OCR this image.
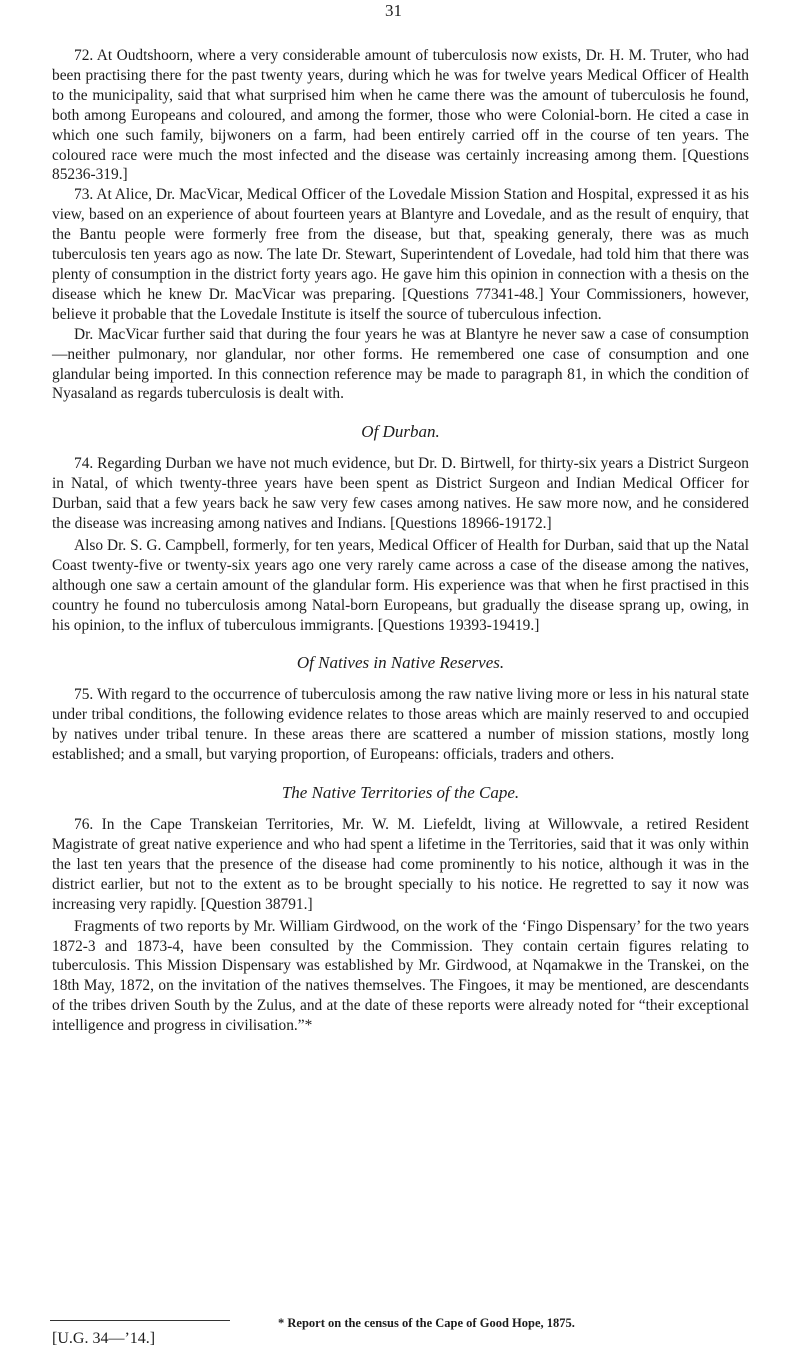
31

72. At Oudtshoorn, where a very considerable amount of tuberculosis now exists, Dr. H. M. Truter, who had been practising there for the past twenty years, during which he was for twelve years Medical Officer of Health to the municipality, said that what surprised him when he came there was the amount of tuberculosis he found, both among Europeans and coloured, and among the former, those who were Colonial-born. He cited a case in which one such family, bijwoners on a farm, had been entirely carried off in the course of ten years. The coloured race were much the most infected and the disease was certainly increasing among them. [Questions 85236-319.]

73. At Alice, Dr. MacVicar, Medical Officer of the Lovedale Mission Station and Hospital, expressed it as his view, based on an experience of about fourteen years at Blantyre and Lovedale, and as the result of enquiry, that the Bantu people were formerly free from the disease, but that, speaking generaly, there was as much tuberculosis ten years ago as now. The late Dr. Stewart, Superintendent of Lovedale, had told him that there was plenty of consumption in the district forty years ago. He gave him this opinion in connection with a thesis on the disease which he knew Dr. MacVicar was preparing. [Questions 77341-48.] Your Commissioners, however, believe it probable that the Lovedale Institute is itself the source of tuberculous infection.

Dr. MacVicar further said that during the four years he was at Blantyre he never saw a case of consumption—neither pulmonary, nor glandular, nor other forms. He remembered one case of consumption and one glandular being imported. In this connection reference may be made to paragraph 81, in which the condition of Nyasaland as regards tuberculosis is dealt with.

Of Durban.

74. Regarding Durban we have not much evidence, but Dr. D. Birtwell, for thirty-six years a District Surgeon in Natal, of which twenty-three years have been spent as District Surgeon and Indian Medical Officer for Durban, said that a few years back he saw very few cases among natives. He saw more now, and he considered the disease was increasing among natives and Indians. [Questions 18966-19172.]

Also Dr. S. G. Campbell, formerly, for ten years, Medical Officer of Health for Durban, said that up the Natal Coast twenty-five or twenty-six years ago one very rarely came across a case of the disease among the natives, although one saw a certain amount of the glandular form. His experience was that when he first practised in this country he found no tuberculosis among Natal-born Europeans, but gradually the disease sprang up, owing, in his opinion, to the influx of tuberculous immigrants. [Questions 19393-19419.]

Of Natives in Native Reserves.

75. With regard to the occurrence of tuberculosis among the raw native living more or less in his natural state under tribal conditions, the following evidence relates to those areas which are mainly reserved to and occupied by natives under tribal tenure. In these areas there are scattered a number of mission stations, mostly long established; and a small, but varying proportion, of Europeans: officials, traders and others.

The Native Territories of the Cape.

76. In the Cape Transkeian Territories, Mr. W. M. Liefeldt, living at Willowvale, a retired Resident Magistrate of great native experience and who had spent a lifetime in the Territories, said that it was only within the last ten years that the presence of the disease had come prominently to his notice, although it was in the district earlier, but not to the extent as to be brought specially to his notice. He regretted to say it now was increasing very rapidly. [Question 38791.]

Fragments of two reports by Mr. William Girdwood, on the work of the ‘Fingo Dispensary’ for the two years 1872-3 and 1873-4, have been consulted by the Commission. They contain certain figures relating to tuberculosis. This Mission Dispensary was established by Mr. Girdwood, at Nqamakwe in the Transkei, on the 18th May, 1872, on the invitation of the natives themselves. The Fingoes, it may be mentioned, are descendants of the tribes driven South by the Zulus, and at the date of these reports were already noted for “their exceptional intelligence and progress in civilisation.”*

* Report on the census of the Cape of Good Hope, 1875.
[U.G. 34—’14.]
